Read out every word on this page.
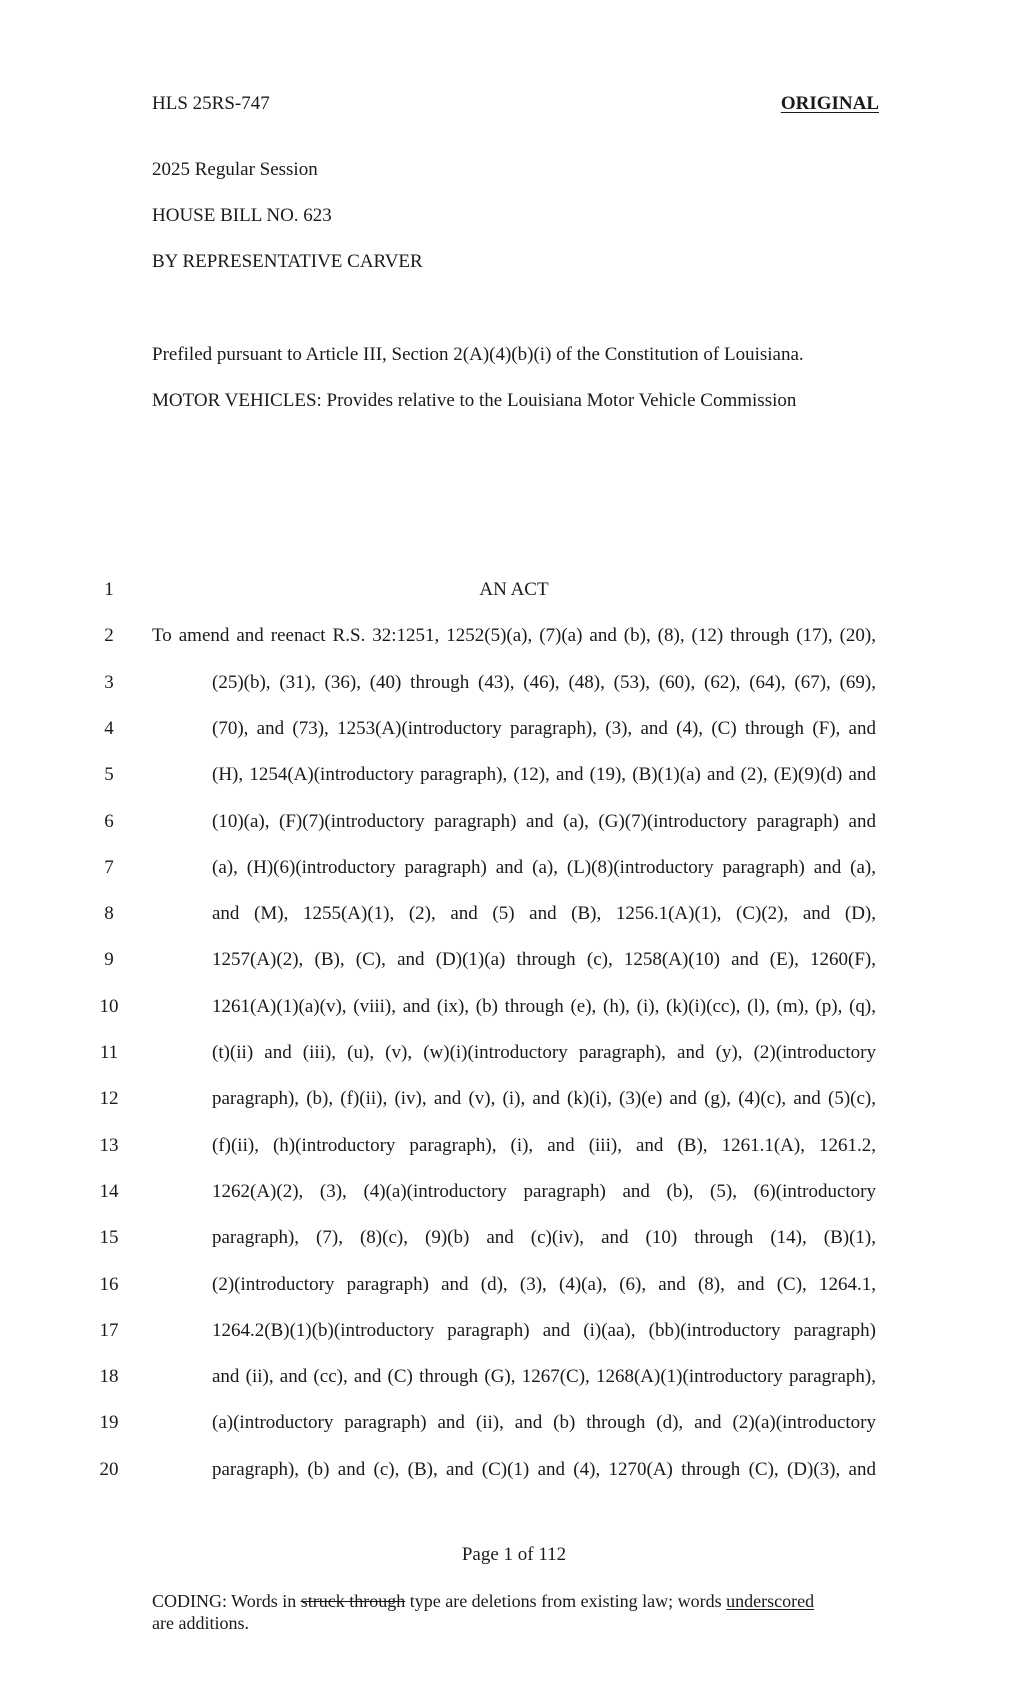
HLS 25RS-747	ORIGINAL
2025 Regular Session
HOUSE BILL NO. 623
BY REPRESENTATIVE CARVER
Prefiled pursuant to Article III, Section 2(A)(4)(b)(i) of the Constitution of Louisiana.
MOTOR VEHICLES: Provides relative to the Louisiana Motor Vehicle Commission
1	AN ACT
2	To amend and reenact R.S. 32:1251, 1252(5)(a), (7)(a) and (b), (8), (12) through (17), (20),
3	(25)(b), (31), (36), (40) through (43), (46), (48), (53), (60), (62), (64), (67), (69),
4	(70), and (73), 1253(A)(introductory paragraph), (3), and (4), (C) through (F), and
5	(H), 1254(A)(introductory paragraph), (12), and (19), (B)(1)(a) and (2), (E)(9)(d) and
6	(10)(a), (F)(7)(introductory paragraph) and (a), (G)(7)(introductory paragraph) and
7	(a), (H)(6)(introductory paragraph) and (a), (L)(8)(introductory paragraph) and (a),
8	and (M), 1255(A)(1), (2), and (5) and (B), 1256.1(A)(1), (C)(2), and (D),
9	1257(A)(2), (B), (C), and (D)(1)(a) through (c), 1258(A)(10) and (E), 1260(F),
10	1261(A)(1)(a)(v), (viii), and (ix), (b) through (e), (h), (i), (k)(i)(cc), (l), (m), (p), (q),
11	(t)(ii) and (iii), (u), (v), (w)(i)(introductory paragraph), and (y), (2)(introductory
12	paragraph), (b), (f)(ii), (iv), and (v), (i), and (k)(i), (3)(e) and (g), (4)(c), and (5)(c),
13	(f)(ii), (h)(introductory paragraph), (i), and (iii), and (B), 1261.1(A), 1261.2,
14	1262(A)(2), (3), (4)(a)(introductory paragraph) and (b), (5), (6)(introductory
15	paragraph), (7), (8)(c), (9)(b) and (c)(iv), and (10) through (14), (B)(1),
16	(2)(introductory paragraph) and (d), (3), (4)(a), (6), and (8), and (C), 1264.1,
17	1264.2(B)(1)(b)(introductory paragraph) and (i)(aa), (bb)(introductory paragraph)
18	and (ii), and (cc), and (C) through (G), 1267(C), 1268(A)(1)(introductory paragraph),
19	(a)(introductory paragraph) and (ii), and (b) through (d), and (2)(a)(introductory
20	paragraph), (b) and (c), (B), and (C)(1) and (4), 1270(A) through (C), (D)(3), and
Page 1 of 112
CODING: Words in struck through type are deletions from existing law; words underscored
are additions.
